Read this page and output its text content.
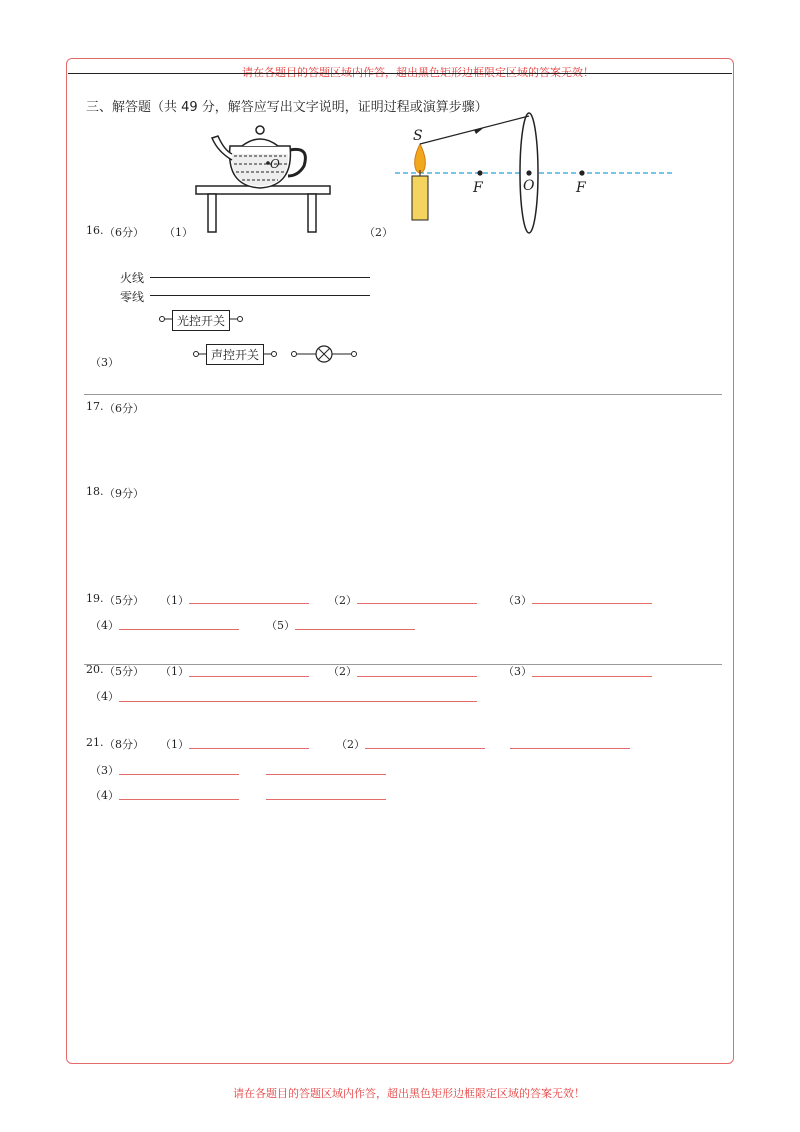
请在各题目的答题区域内作答，超出黑色矩形边框限定区域的答案无效！
三、解答题（共 49 分，解答应写出文字说明，证明过程或演算步骤）
16. （6分） （1）	（2）
O
S
F	O	F
火线
零线
光控开关
（3）
声控开关
17. （6分）
18. （9分）
19. （5分） （1）	（2）	（3）
（4）	（5）
20. （5分） （1）	（2）	（3）
（4）
21. （8分） （1）	（2）
（3）
（4）
请在各题目的答题区域内作答，超出黑色矩形边框限定区域的答案无效！
